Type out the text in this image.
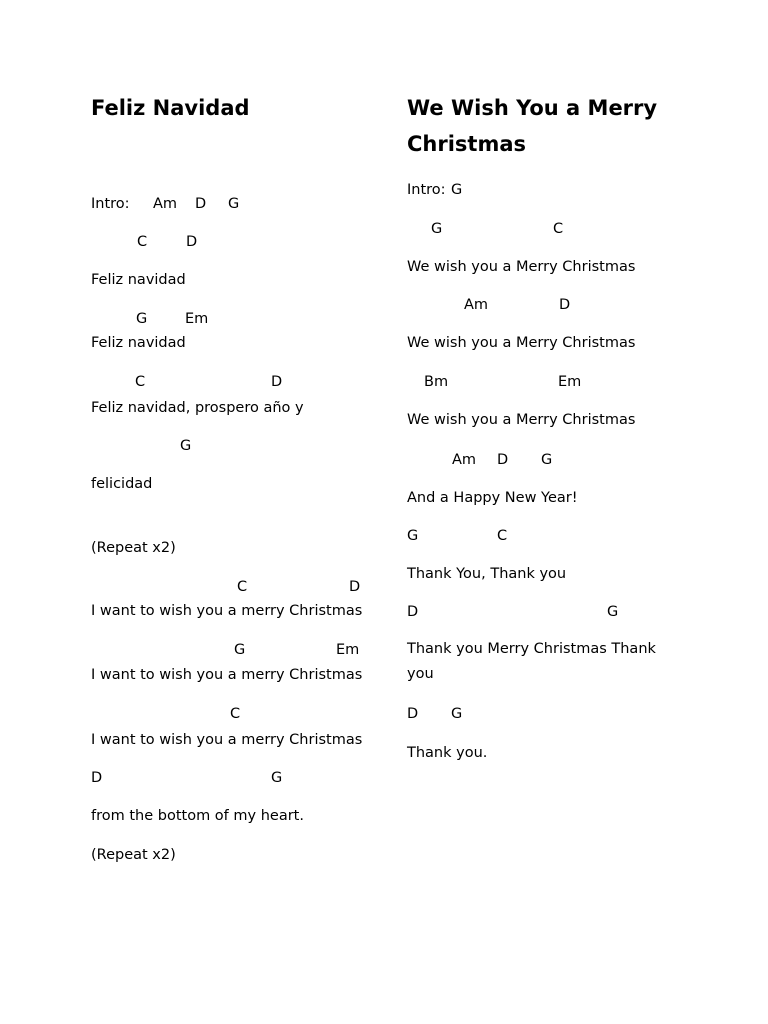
Feliz Navidad
Intro: Am D G
C	D
Feliz navidad
G	Em
Feliz navidad
C	D
Feliz navidad, prospero año y
G
felicidad
(Repeat x2)
C	D
I want to wish you a merry Christmas
G	Em
I want to wish you a merry Christmas
C
I want to wish you a merry Christmas
D	G
from the bottom of my heart.
(Repeat x2)
We Wish You a Merry
Christmas
Intro: G
G	C
We wish you a Merry Christmas
Am	D
We wish you a Merry Christmas
Bm	Em
We wish you a Merry Christmas
Am D G
And a Happy New Year!
G	C
Thank You, Thank you
D	G
Thank you Merry Christmas Thank you
D G
Thank you.
